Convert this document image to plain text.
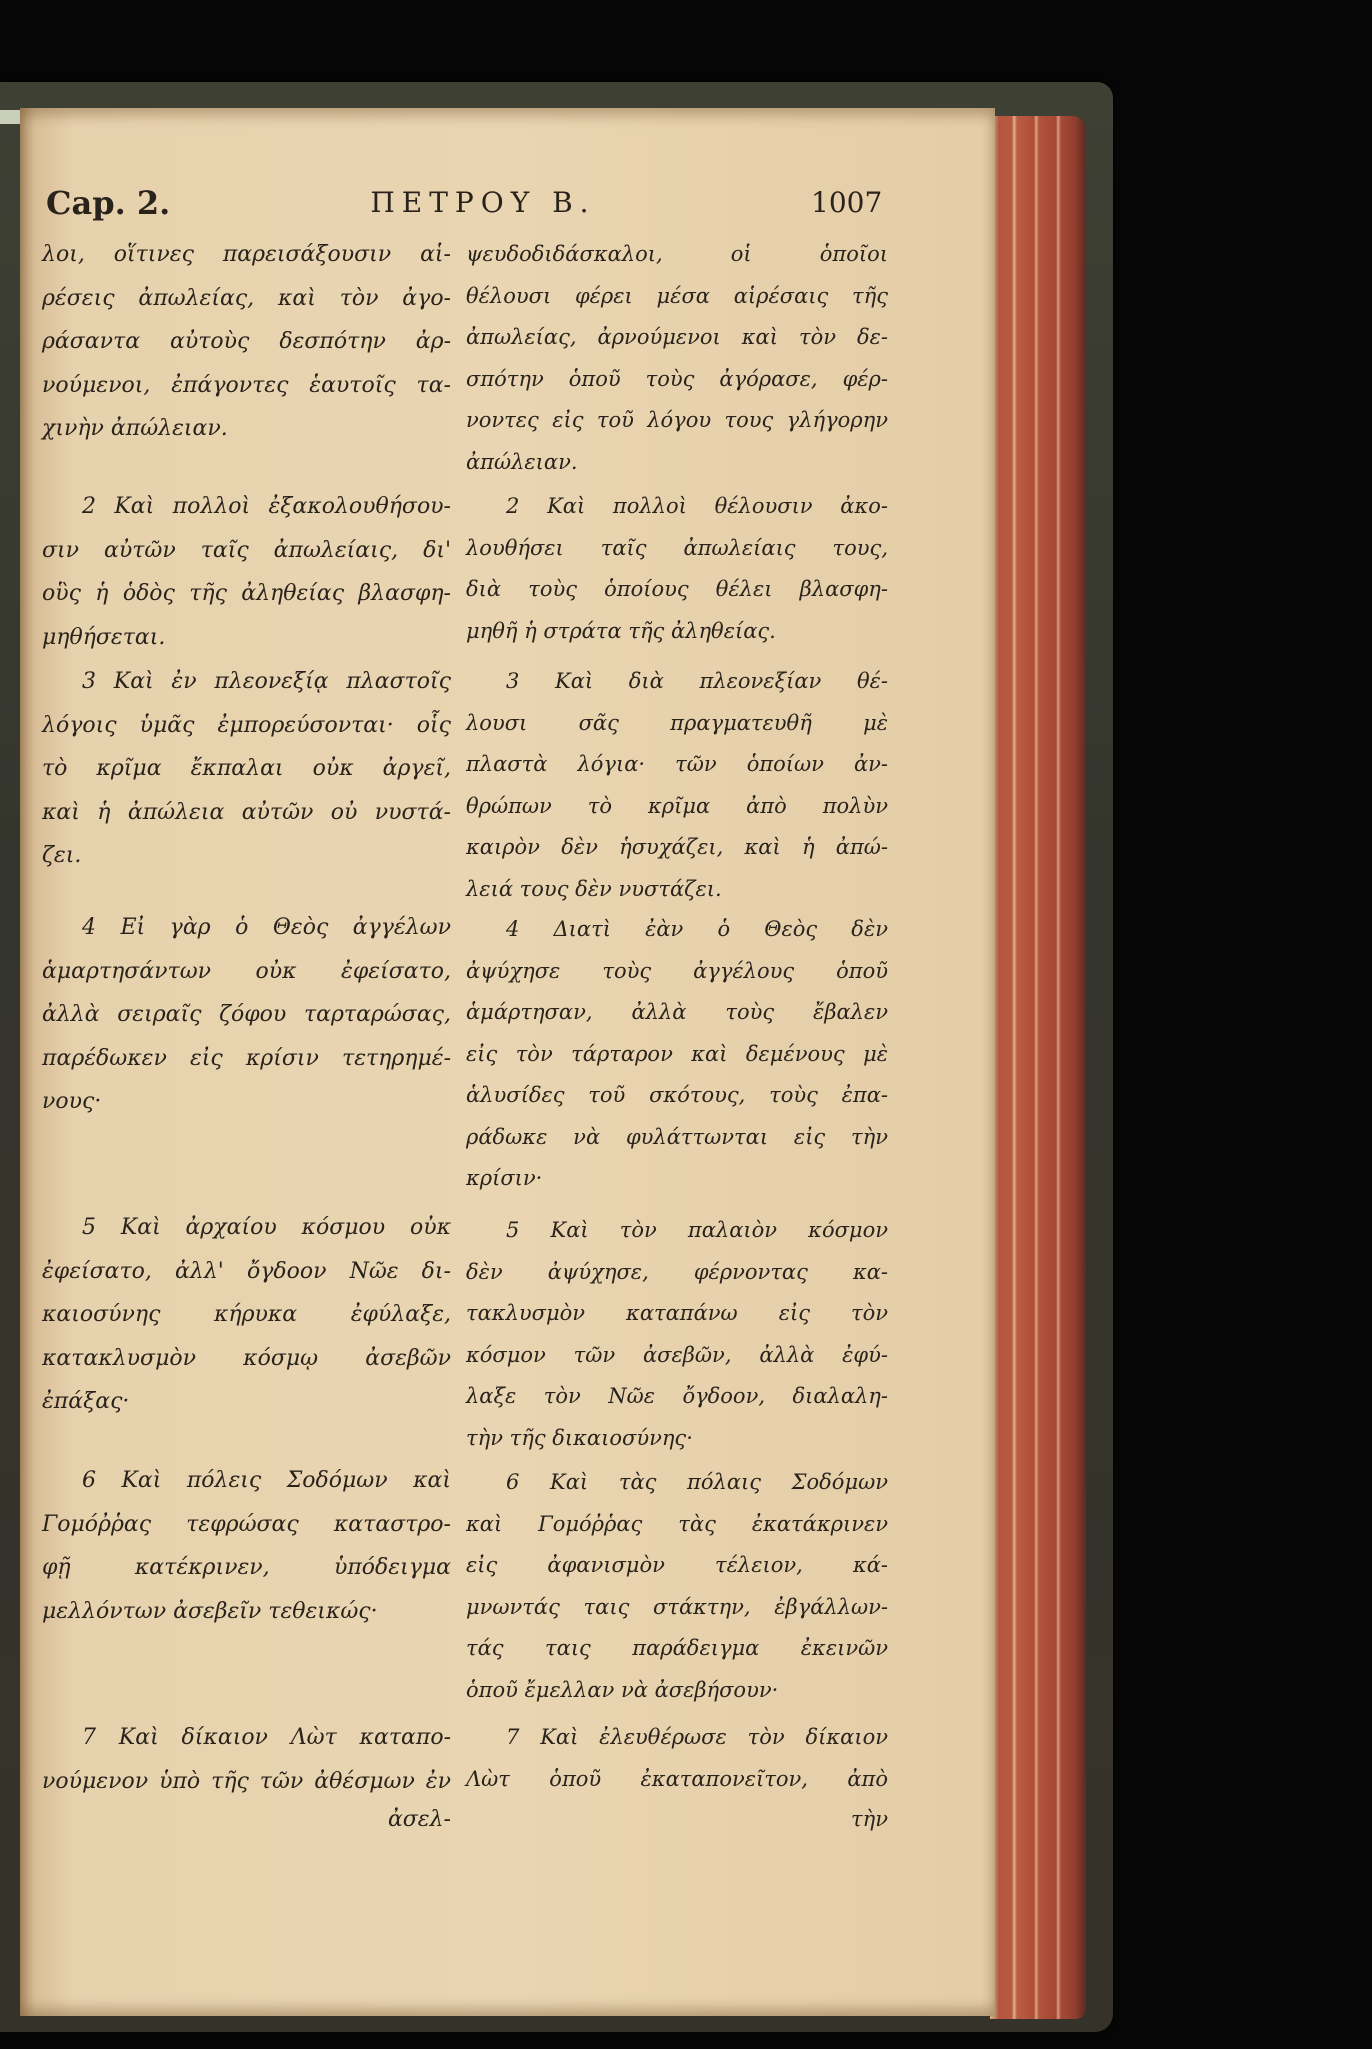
Cap. 2.	ΠΕΤΡΟΥ Β.	1007
λοι, οἵτινες παρεισάξουσιν αἱ-
ρέσεις ἀπωλείας, καὶ τὸν ἀγο-
ράσαντα αὐτοὺς δεσπότην ἀρ-
νούμενοι, ἐπάγοντες ἑαυτοῖς τα-
χινὴν ἀπώλειαν.
2 Καὶ πολλοὶ ἐξακολουθήσου-
σιν αὐτῶν ταῖς ἀπωλείαις, δι'
οὓς ἡ ὁδὸς τῆς ἀληθείας βλασφη-
μηθήσεται.
3 Καὶ ἐν πλεονεξίᾳ πλαστοῖς
λόγοις ὑμᾶς ἐμπορεύσονται· οἷς
τὸ κρῖμα ἔκπαλαι οὐκ ἀργεῖ,
καὶ ἡ ἀπώλεια αὐτῶν οὐ νυστά-
ζει.
4 Εἰ γὰρ ὁ Θεὸς ἀγγέλων
ἁμαρτησάντων οὐκ ἐφείσατο,
ἀλλὰ σειραῖς ζόφου ταρταρώσας,
παρέδωκεν εἰς κρίσιν τετηρημέ-
νους·
5 Καὶ ἀρχαίου κόσμου οὐκ
ἐφείσατο, ἀλλ' ὄγδοον Νῶε δι-
καιοσύνης κήρυκα ἐφύλαξε,
κατακλυσμὸν κόσμῳ ἀσεβῶν
ἐπάξας·
6 Καὶ πόλεις Σοδόμων καὶ
Γομόῤῥας τεφρώσας καταστρο-
φῇ κατέκρινεν, ὑπόδειγμα
μελλόντων ἀσεβεῖν τεθεικώς·
7 Καὶ δίκαιον Λὼτ καταπο-
νούμενον ὑπὸ τῆς τῶν ἀθέσμων ἐν
ἀσελ-
ψευδοδιδάσκαλοι, οἱ ὁποῖοι
θέλουσι φέρει μέσα αἱρέσαις τῆς
ἀπωλείας, ἀρνούμενοι καὶ τὸν δε-
σπότην ὁποῦ τοὺς ἀγόρασε, φέρ-
νοντες εἰς τοῦ λόγου τους γλήγορην
ἀπώλειαν.
2 Καὶ πολλοὶ θέλουσιν ἀκο-
λουθήσει ταῖς ἀπωλείαις τους,
διὰ τοὺς ὁποίους θέλει βλασφη-
μηθῆ ἡ στράτα τῆς ἀληθείας.
3 Καὶ διὰ πλεονεξίαν θέ-
λουσι σᾶς πραγματευθῆ μὲ
πλαστὰ λόγια· τῶν ὁποίων ἀν-
θρώπων τὸ κρῖμα ἀπὸ πολὺν
καιρὸν δὲν ἡσυχάζει, καὶ ἡ ἀπώ-
λειά τους δὲν νυστάζει.
4 Διατὶ ἐὰν ὁ Θεὸς δὲν
ἀψύχησε τοὺς ἀγγέλους ὁποῦ
ἁμάρτησαν, ἀλλὰ τοὺς ἔβαλεν
εἰς τὸν τάρταρον καὶ δεμένους μὲ
ἁλυσίδες τοῦ σκότους, τοὺς ἐπα-
ράδωκε νὰ φυλάττωνται εἰς τὴν
κρίσιν·
5 Καὶ τὸν παλαιὸν κόσμον
δὲν ἀψύχησε, φέρνοντας κα-
τακλυσμὸν καταπάνω εἰς τὸν
κόσμον τῶν ἀσεβῶν, ἀλλὰ ἐφύ-
λαξε τὸν Νῶε ὄγδοον, διαλαλη-
τὴν τῆς δικαιοσύνης·
6 Καὶ τὰς πόλαις Σοδόμων
καὶ Γομόῤῥας τὰς ἐκατάκρινεν
εἰς ἀφανισμὸν τέλειον, κά-
μνωντάς ταις στάκτην, ἐβγάλλων-
τάς ταις παράδειγμα ἐκεινῶν
ὁποῦ ἔμελλαν νὰ ἀσεβήσουν·
7 Καὶ ἐλευθέρωσε τὸν δίκαιον
Λὼτ ὁποῦ ἐκαταπονεῖτον, ἀπὸ
τὴν
